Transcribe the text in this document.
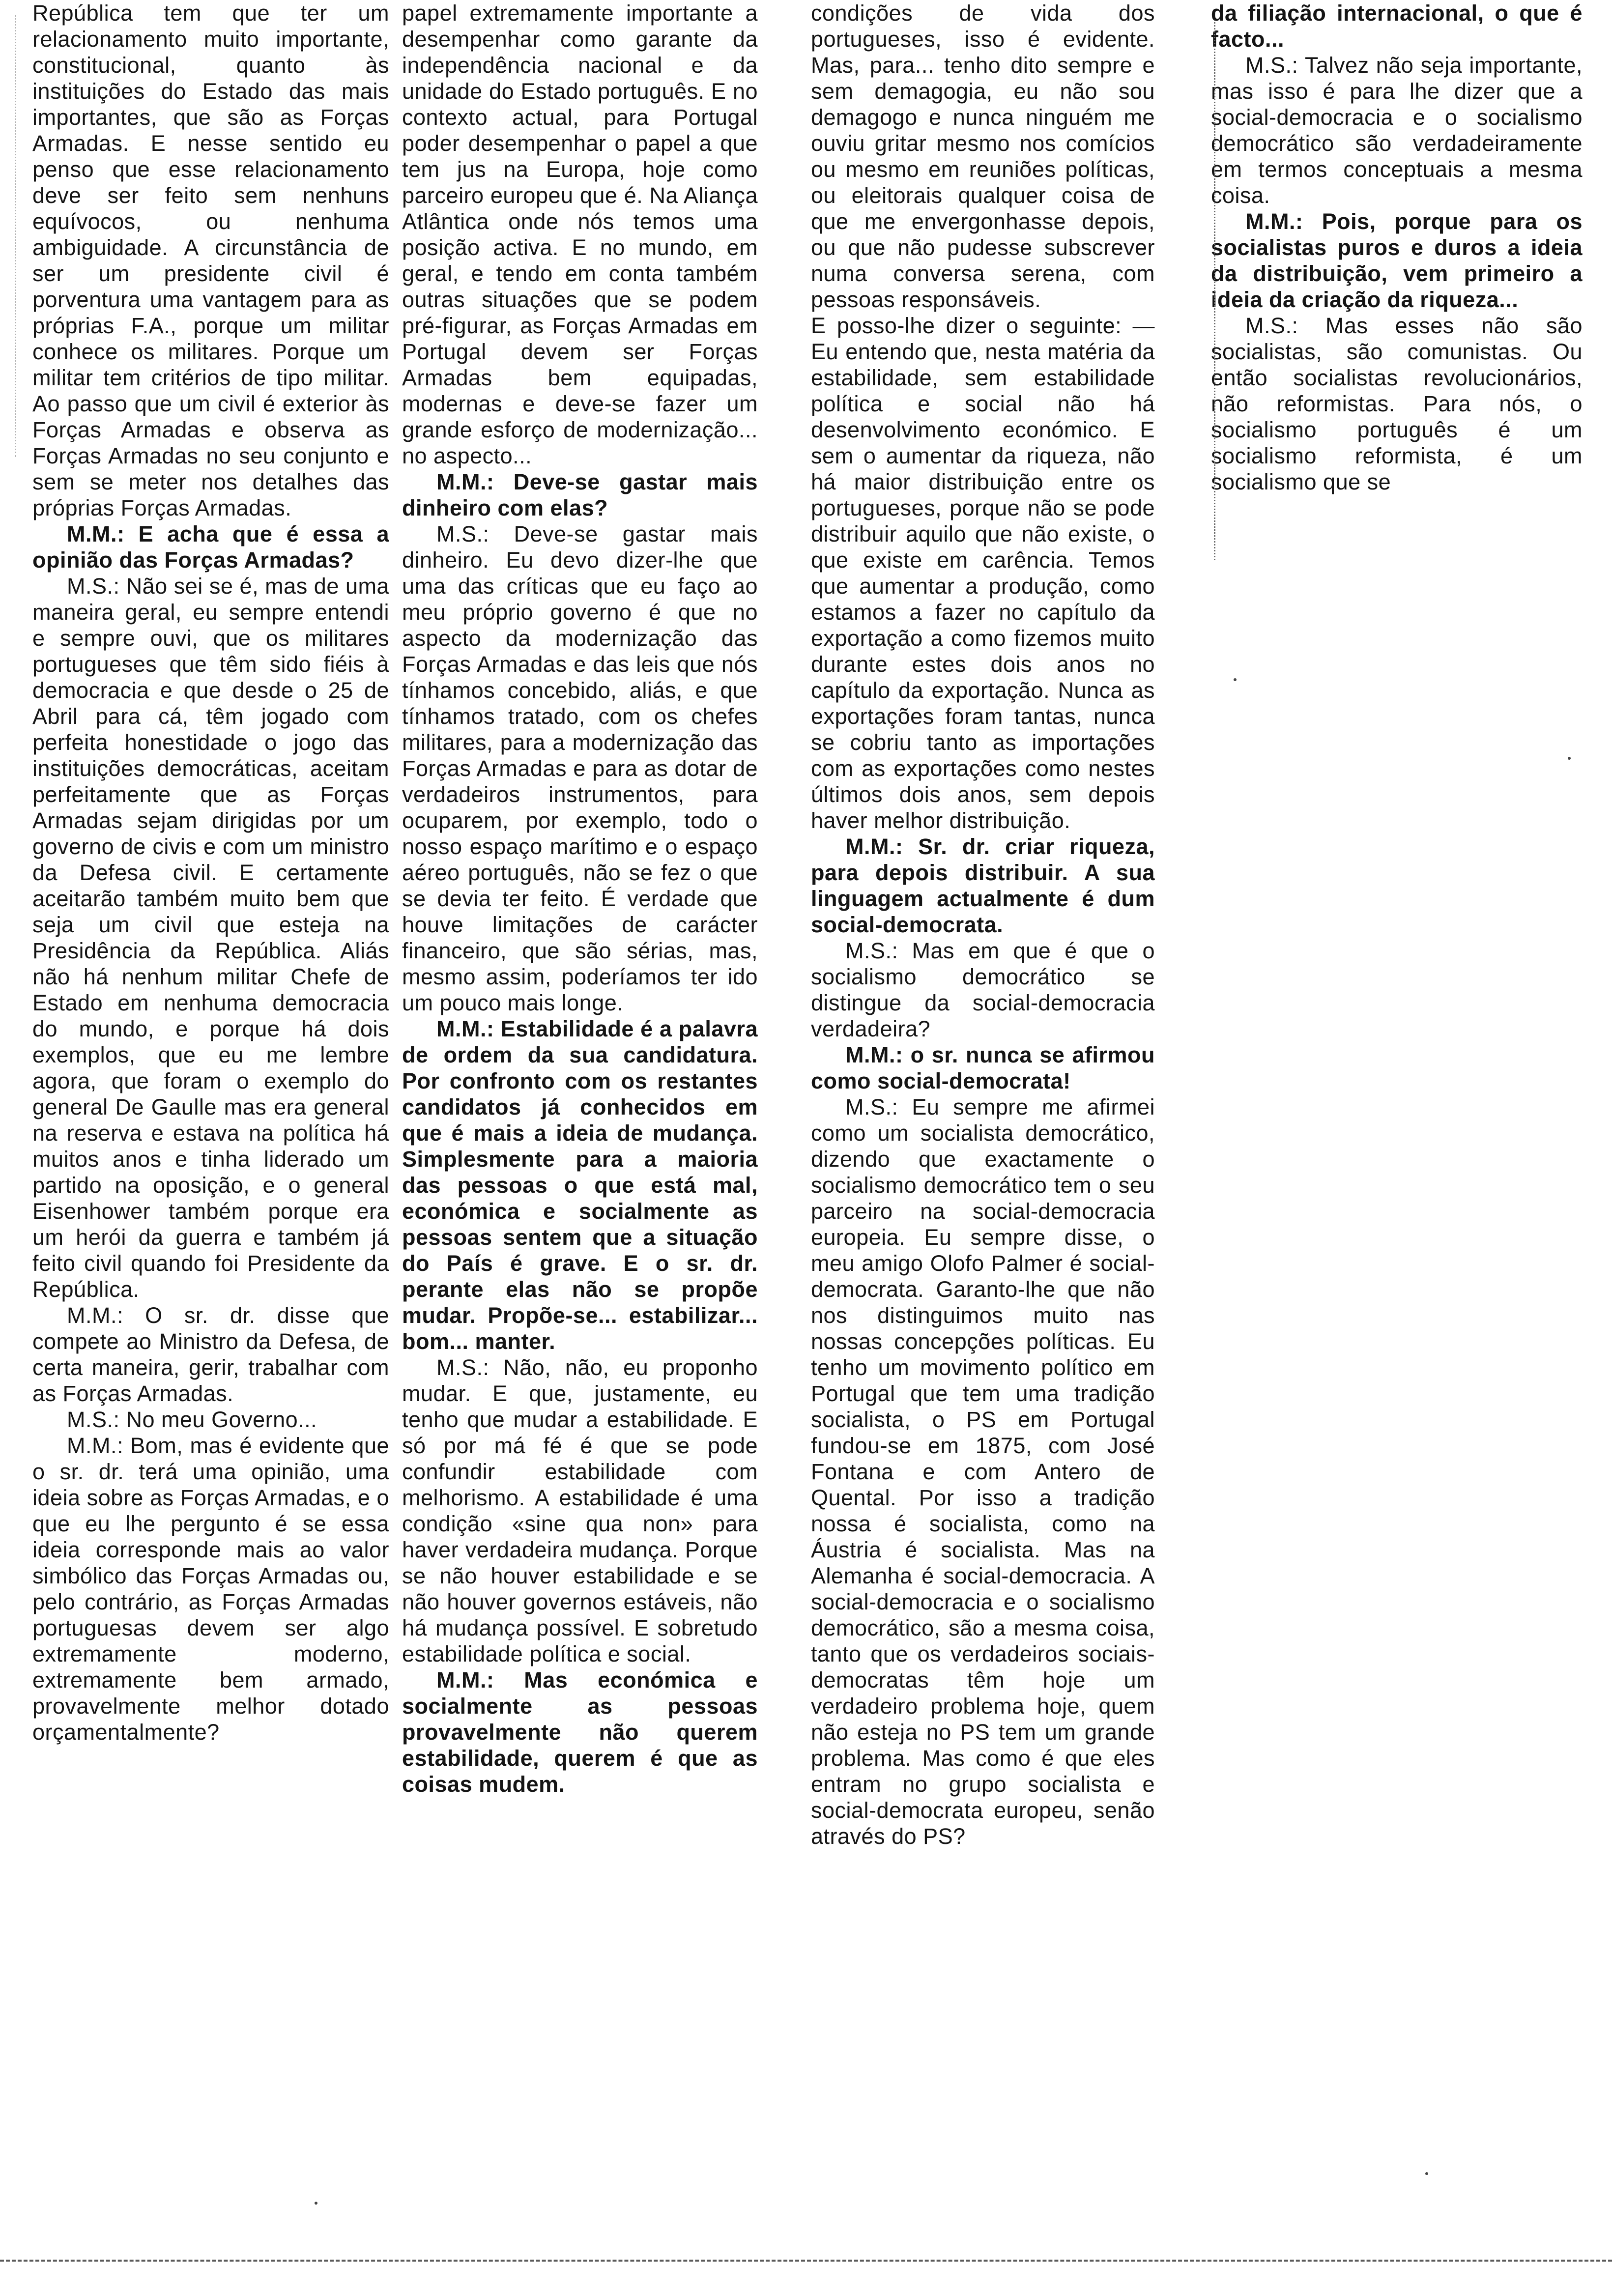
República tem que ter um relacionamento muito importante, constitucional, quanto às instituições do Estado das mais importantes, que são as Forças Armadas. E nesse sentido eu penso que esse relacionamento deve ser feito sem nenhuns equívocos, ou nenhuma ambiguidade. A circunstância de ser um presidente civil é porventura uma vantagem para as próprias F.A., porque um militar conhece os militares. Porque um militar tem critérios de tipo militar. Ao passo que um civil é exterior às Forças Armadas e observa as Forças Armadas no seu conjunto e sem se meter nos detalhes das próprias Forças Armadas.

M.M.: E acha que é essa a opinião das Forças Armadas?

M.S.: Não sei se é, mas de uma maneira geral, eu sempre entendi e sempre ouvi, que os militares portugueses que têm sido fiéis à democracia e que desde o 25 de Abril para cá, têm jogado com perfeita honestidade o jogo das instituições democráticas, aceitam perfeitamente que as Forças Armadas sejam dirigidas por um governo de civis e com um ministro da Defesa civil. E certamente aceitarão também muito bem que seja um civil que esteja na Presidência da República. Aliás não há nenhum militar Chefe de Estado em nenhuma democracia do mundo, e porque há dois exemplos, que eu me lembre agora, que foram o exemplo do general De Gaulle mas era general na reserva e estava na política há muitos anos e tinha liderado um partido na oposição, e o general Eisenhower também porque era um herói da guerra e também já feito civil quando foi Presidente da República.

M.M.: O sr. dr. disse que compete ao Ministro da Defesa, de certa maneira, gerir, trabalhar com as Forças Armadas.

M.S.: No meu Governo...

M.M.: Bom, mas é evidente que o sr. dr. terá uma opinião, uma ideia sobre as Forças Armadas, e o que eu lhe pergunto é se essa ideia corresponde mais ao valor simbólico das Forças Armadas ou, pelo contrário, as Forças Armadas portuguesas devem ser algo extremamente moderno, extremamente bem armado, provavelmente melhor dotado orçamentalmente?

papel extremamente importante a desempenhar como garante da independência nacional e da unidade do Estado português. E no contexto actual, para Portugal poder desempenhar o papel a que tem jus na Europa, hoje como parceiro europeu que é. Na Aliança Atlântica onde nós temos uma posição activa. E no mundo, em geral, e tendo em conta também outras situações que se podem pré-figurar, as Forças Armadas em Portugal devem ser Forças Armadas bem equipadas, modernas e deve-se fazer um grande esforço de modernização... no aspecto...

M.M.: Deve-se gastar mais dinheiro com elas?

M.S.: Deve-se gastar mais dinheiro. Eu devo dizer-lhe que uma das críticas que eu faço ao meu próprio governo é que no aspecto da modernização das Forças Armadas e das leis que nós tínhamos concebido, aliás, e que tínhamos tratado, com os chefes militares, para a modernização das Forças Armadas e para as dotar de verdadeiros instrumentos, para ocuparem, por exemplo, todo o nosso espaço marítimo e o espaço aéreo português, não se fez o que se devia ter feito. É verdade que houve limitações de carácter financeiro, que são sérias, mas, mesmo assim, poderíamos ter ido um pouco mais longe.

M.M.: Estabilidade é a palavra de ordem da sua candidatura. Por confronto com os restantes candidatos já conhecidos em que é mais a ideia de mudança. Simplesmente para a maioria das pessoas o que está mal, económica e socialmente as pessoas sentem que a situação do País é grave. E o sr. dr. perante elas não se propõe mudar. Propõe-se... estabilizar... bom... manter.

M.S.: Não, não, eu proponho mudar. E que, justamente, eu tenho que mudar a estabilidade. E só por má fé é que se pode confundir estabilidade com melhorismo. A estabilidade é uma condição «sine qua non» para haver verdadeira mudança. Porque se não houver estabilidade e se não houver governos estáveis, não há mudança possível. E sobretudo estabilidade política e social.

M.M.: Mas económica e socialmente as pessoas provavelmente não querem estabilidade, querem é que as coisas mudem.

condições de vida dos portugueses, isso é evidente. Mas, para... tenho dito sempre e sem demagogia, eu não sou demagogo e nunca ninguém me ouviu gritar mesmo nos comícios ou mesmo em reuniões políticas, ou eleitorais qualquer coisa de que me envergonhasse depois, ou que não pudesse subscrever numa conversa serena, com pessoas responsáveis.

E posso-lhe dizer o seguinte: — Eu entendo que, nesta matéria da estabilidade, sem estabilidade política e social não há desenvolvimento económico. E sem o aumentar da riqueza, não há maior distribuição entre os portugueses, porque não se pode distribuir aquilo que não existe, o que existe em carência. Temos que aumentar a produção, como estamos a fazer no capítulo da exportação a como fizemos muito durante estes dois anos no capítulo da exportação. Nunca as exportações foram tantas, nunca se cobriu tanto as importações com as exportações como nestes últimos dois anos, sem depois haver melhor distribuição.

M.M.: Sr. dr. criar riqueza, para depois distribuir. A sua linguagem actualmente é dum social-democrata.

M.S.: Mas em que é que o socialismo democrático se distingue da social-democracia verdadeira?

M.M.: o sr. nunca se afirmou como social-democrata!

M.S.: Eu sempre me afirmei como um socialista democrático, dizendo que exactamente o socialismo democrático tem o seu parceiro na social-democracia europeia. Eu sempre disse, o meu amigo Olofo Palmer é social-democrata. Garanto-lhe que não nos distinguimos muito nas nossas concepções políticas. Eu tenho um movimento político em Portugal que tem uma tradição socialista, o PS em Portugal fundou-se em 1875, com José Fontana e com Antero de Quental. Por isso a tradição nossa é socialista, como na Áustria é socialista. Mas na Alemanha é social-democracia. A social-democracia e o socialismo democrático, são a mesma coisa, tanto que os verdadeiros sociais-democratas têm hoje um verdadeiro problema hoje, quem não esteja no PS tem um grande problema. Mas como é que eles entram no grupo socialista e social-democrata europeu, senão através do PS?

da filiação internacional, o que é facto...

M.S.: Talvez não seja importante, mas isso é para lhe dizer que a social-democracia e o socialismo democrático são verdadeiramente em termos conceptuais a mesma coisa.

M.M.: Pois, porque para os socialistas puros e duros a ideia da distribuição, vem primeiro a ideia da criação da riqueza...

M.S.: Mas esses não são socialistas, são comunistas. Ou então socialistas revolucionários, não reformistas. Para nós, o socialismo português é um socialismo reformista, é um socialismo que se
